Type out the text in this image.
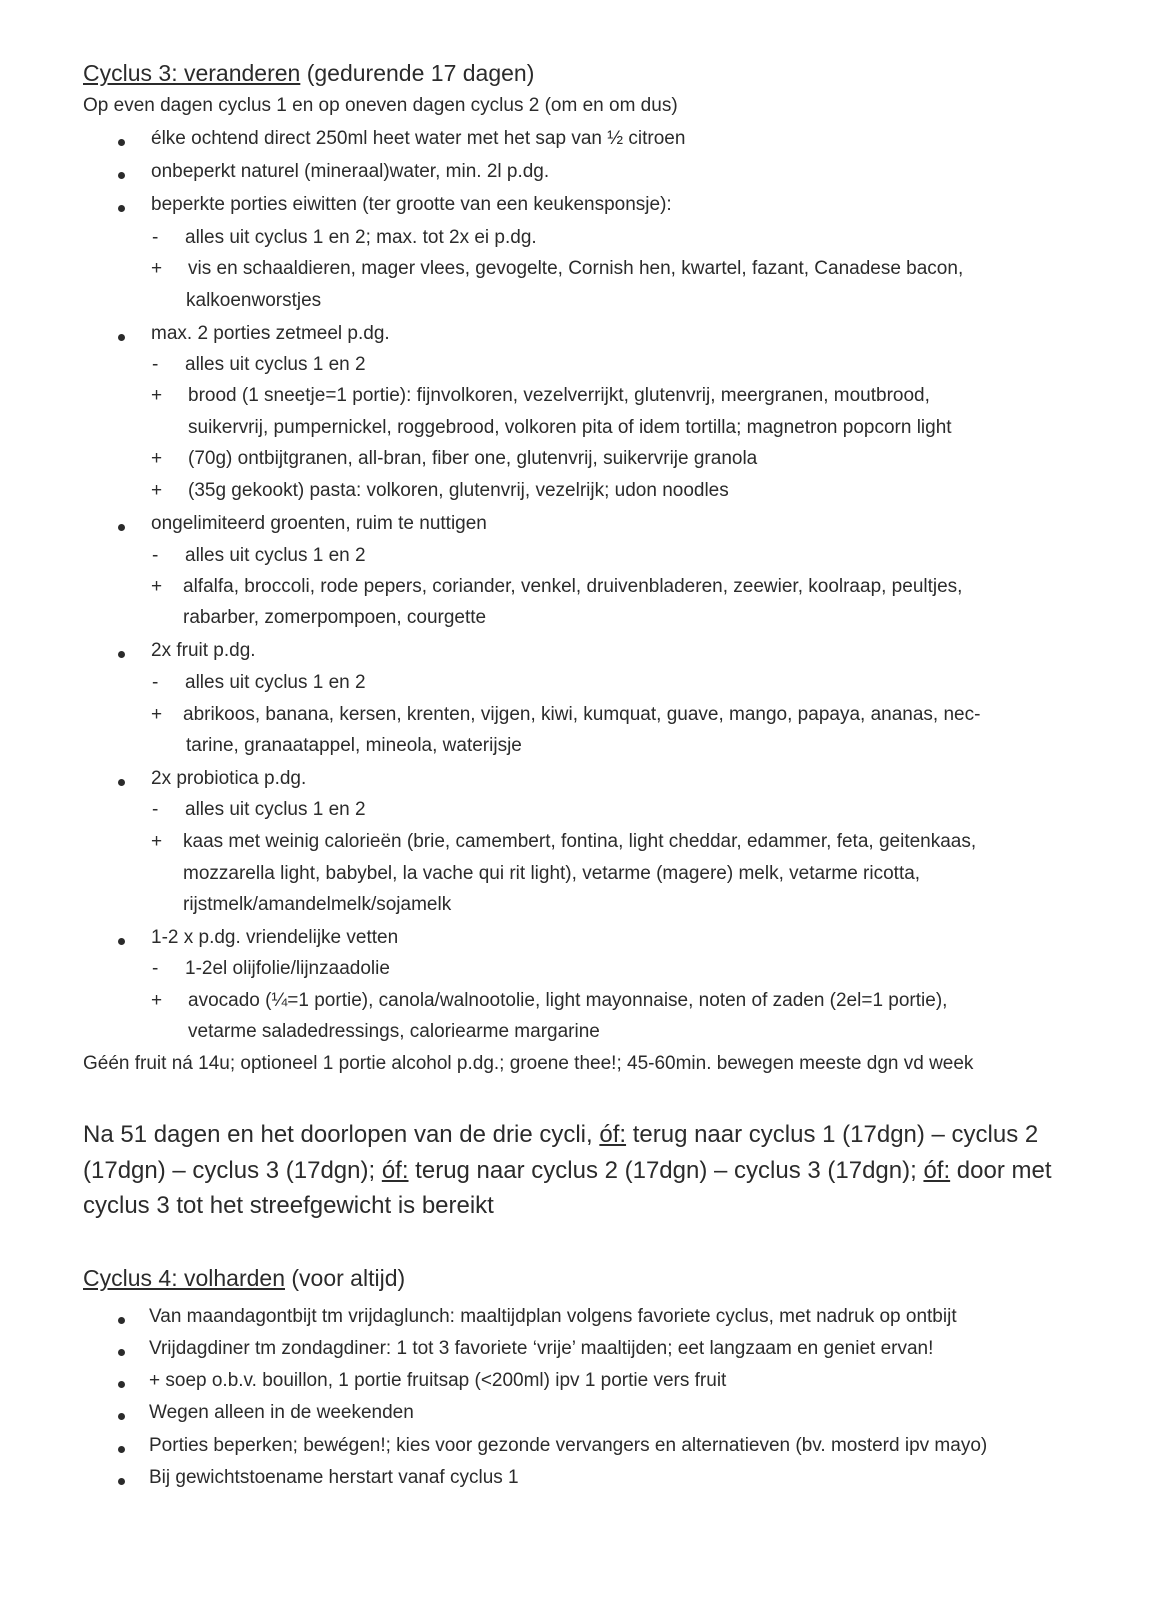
Cyclus 3: veranderen (gedurende 17 dagen)
Op even dagen cyclus 1 en op oneven dagen cyclus 2 (om en om dus)
élke ochtend direct 250ml heet water met het sap van ½ citroen
onbeperkt naturel (mineraal)water, min. 2l p.dg.
beperkte porties eiwitten (ter grootte van een keukensponsje):
- alles uit cyclus 1 en 2; max. tot 2x ei p.dg.
+ vis en schaaldieren, mager vlees, gevogelte, Cornish hen, kwartel, fazant, Canadese bacon,
kalkoenworstjes
max. 2 porties zetmeel p.dg.
- alles uit cyclus 1 en 2
+ brood (1 sneetje=1 portie): fijnvolkoren, vezelverrijkt, glutenvrij, meergranen, moutbrood,
suikervrij, pumpernickel, roggebrood, volkoren pita of idem tortilla; magnetron popcorn light
+ (70g) ontbijtgranen, all-bran, fiber one, glutenvrij, suikervrije granola
+ (35g gekookt) pasta: volkoren, glutenvrij, vezelrijk; udon noodles
ongelimiteerd groenten, ruim te nuttigen
- alles uit cyclus 1 en 2
+ alfalfa, broccoli, rode pepers, coriander, venkel, druivenbladeren, zeewier, koolraap, peultjes,
rabarber, zomerpompoen, courgette
2x fruit p.dg.
- alles uit cyclus 1 en 2
+ abrikoos, banana, kersen, krenten, vijgen, kiwi, kumquat, guave, mango, papaya, ananas, nec-
tarine, granaatappel, mineola, waterijsje
2x probiotica p.dg.
- alles uit cyclus 1 en 2
+ kaas met weinig calorieën (brie, camembert, fontina, light cheddar, edammer, feta, geitenkaas,
mozzarella light, babybel, la vache qui rit light), vetarme (magere) melk, vetarme ricotta,
rijstmelk/amandelmelk/sojamelk
1-2 x p.dg. vriendelijke vetten
- 1-2el olijfolie/lijnzaadolie
+ avocado (¼=1 portie), canola/walnootolie, light mayonnaise, noten of zaden (2el=1 portie),
vetarme saladedressings, caloriearme margarine
Géén fruit ná 14u; optioneel 1 portie alcohol p.dg.; groene thee!; 45-60min. bewegen meeste dgn vd week
Na 51 dagen en het doorlopen van de drie cycli, óf: terug naar cyclus 1 (17dgn) – cyclus 2
(17dgn) – cyclus 3 (17dgn); óf: terug naar cyclus 2 (17dgn) – cyclus 3 (17dgn); óf: door met
cyclus 3 tot het streefgewicht is bereikt
Cyclus 4: volharden (voor altijd)
Van maandagontbijt tm vrijdaglunch: maaltijdplan volgens favoriete cyclus, met nadruk op ontbijt
Vrijdagdiner tm zondagdiner: 1 tot 3 favoriete ‘vrije’ maaltijden; eet langzaam en geniet ervan!
+ soep o.b.v. bouillon, 1 portie fruitsap (<200ml) ipv 1 portie vers fruit
Wegen alleen in de weekenden
Porties beperken; bewégen!; kies voor gezonde vervangers en alternatieven (bv. mosterd ipv mayo)
Bij gewichtstoename herstart vanaf cyclus 1
